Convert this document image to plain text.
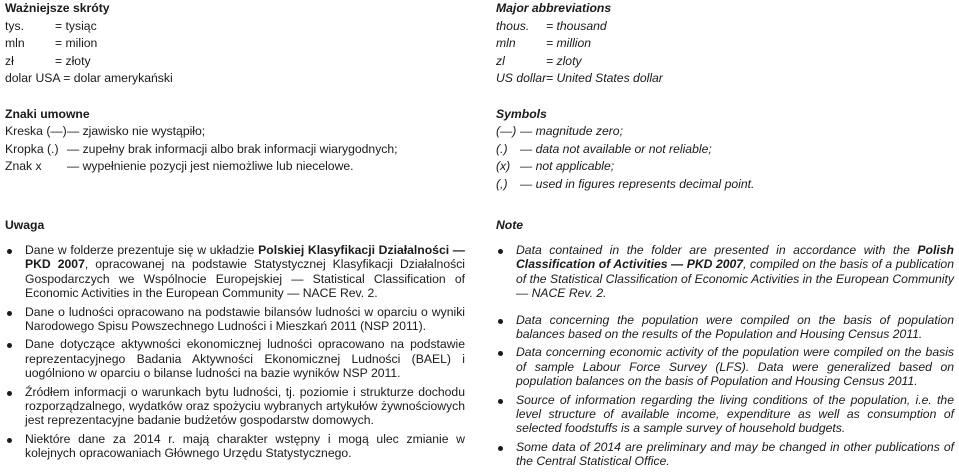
Ważniejsze skróty
tys.	= tysiąc
mln = milion
zł	= złoty
dolar USA = dolar amerykański
Znaki umowne
Kreska (—) — zjawisko nie wystąpiło;
Kropka (.) — zupełny brak informacji albo brak informacji wiarygodnych;
Znak x — wypełnienie pozycji jest niemożliwe lub niecelowe.
Major abbreviations
thous. = thousand
mln = million
zl	= zloty
US dollar = United States dollar
Symbols
(—) — magnitude zero;
(.) — data not available or not reliable;
(x) — not applicable;
(,) — used in figures represents decimal point.
Uwaga
Dane w folderze prezentuje się w układzie Polskiej Klasyfikacji Działalności — PKD 2007, opracowanej na podstawie Statystycznej Klasyfikacji Działalności Gospodarczych we Wspólnocie Europejskiej — Statistical Classification of Economic Activities in the European Community — NACE Rev. 2.
Dane o ludności opracowano na podstawie bilansów ludności w oparciu o wyniki Narodowego Spisu Powszechnego Ludności i Mieszkań 2011 (NSP 2011).
Dane dotyczące aktywności ekonomicznej ludności opracowano na podstawie reprezentacyjnego Badania Aktywności Ekonomicznej Ludności (BAEL) i uogólniono w oparciu o bilanse ludności na bazie wyników NSP 2011.
Źródłem informacji o warunkach bytu ludności, tj. poziomie i strukturze dochodu rozporządzalnego, wydatków oraz spożyciu wybranych artykułów żywnościowych jest reprezentacyjne badanie budżetów gospodarstw domowych.
Niektóre dane za 2014 r. mają charakter wstępny i mogą ulec zmianie w kolejnych opracowaniach Głównego Urzędu Statystycznego.
Note
Data contained in the folder are presented in accordance with the Polish Classification of Activities — PKD 2007, compiled on the basis of a publication of the Statistical Classification of Economic Activities in the European Community — NACE Rev. 2.
Data concerning the population were compiled on the basis of population balances based on the results of the Population and Housing Census 2011.
Data concerning economic activity of the population were compiled on the basis of sample Labour Force Survey (LFS). Data were generalized based on population balances on the basis of Population and Housing Census 2011.
Source of information regarding the living conditions of the population, i.e. the level structure of available income, expenditure as well as consumption of selected foodstuffs is a sample survey of household budgets.
Some data of 2014 are preliminary and may be changed in other publications of the Central Statistical Office.
